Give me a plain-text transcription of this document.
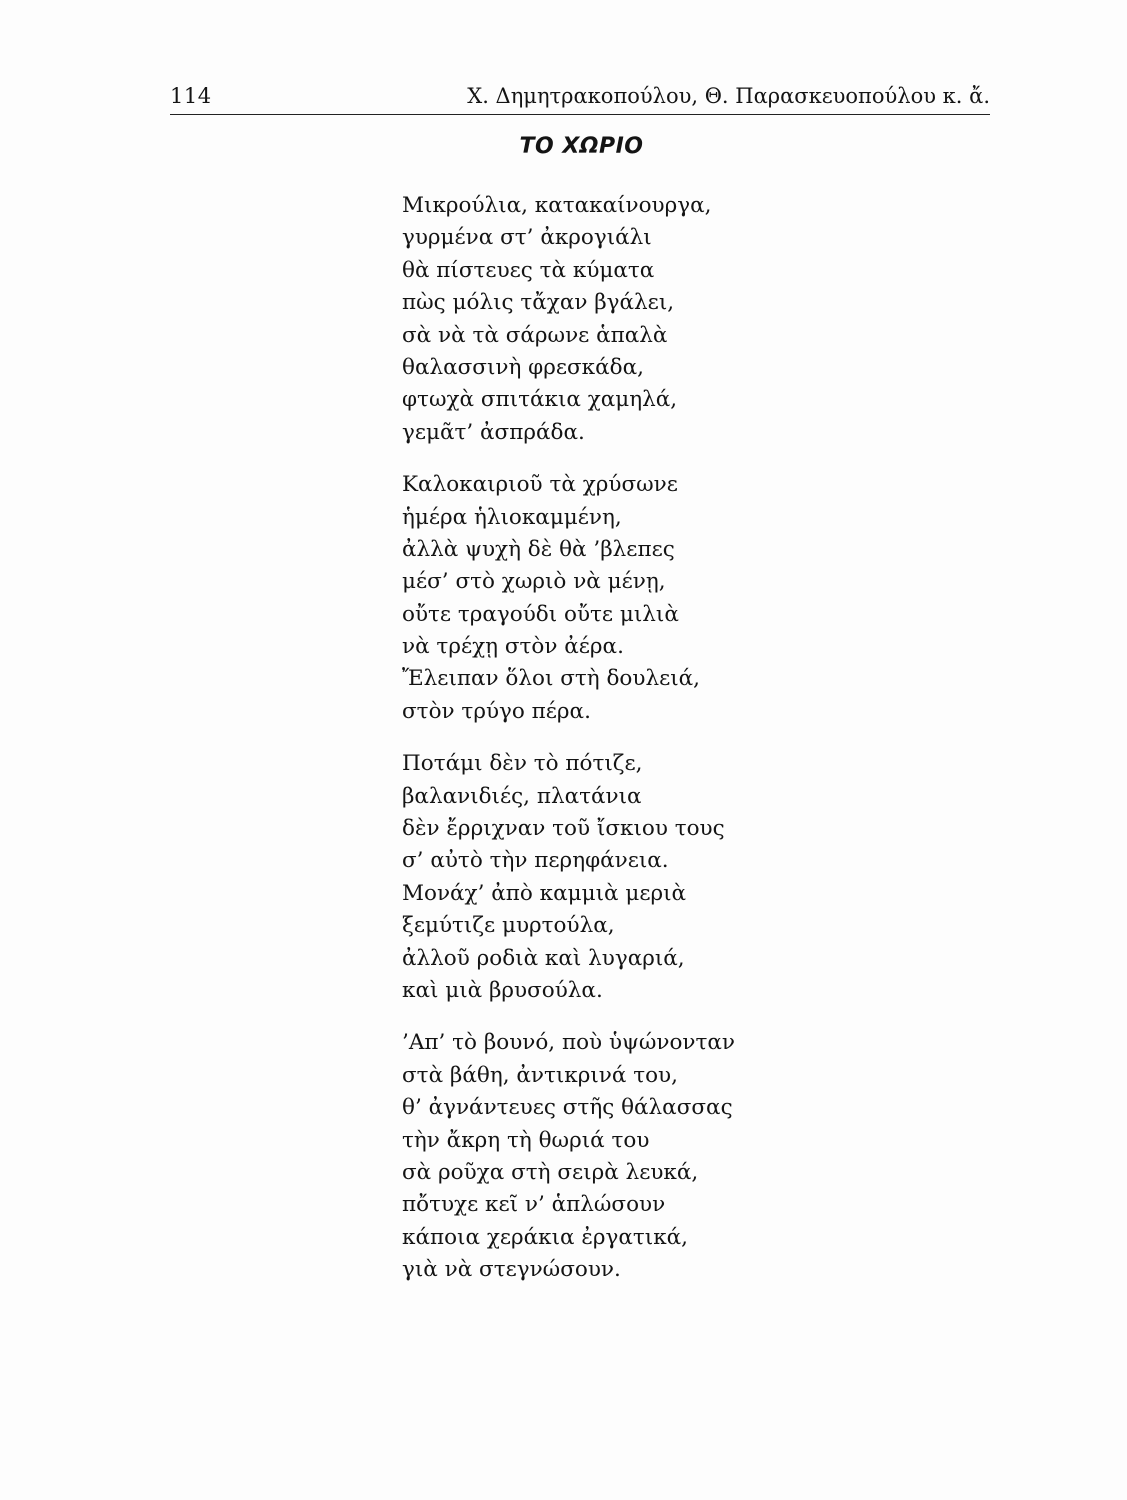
114	Χ. Δημητρακοπούλου, Θ. Παρασκευοπούλου κ. ἄ.
ΤΟ ΧΩΡΙΟ
Μικρούλια, κατακαίνουργα,
γυρμένα στ’ ἀκρογιάλι
θὰ πίστευες τὰ κύματα
πὼς μόλις τἄχαν βγάλει,
σὰ νὰ τὰ σάρωνε ἁπαλὰ
θαλασσινὴ φρεσκάδα,
φτωχὰ σπιτάκια χαμηλά,
γεμᾶτ’ ἀσπράδα.
Καλοκαιριοῦ τὰ χρύσωνε
ἡμέρα ἡλιοκαμμένη,
ἀλλὰ ψυχὴ δὲ θὰ ’βλεπες
μέσ’ στὸ χωριὸ νὰ μένῃ,
οὔτε τραγούδι οὔτε μιλιὰ
νὰ τρέχῃ στὸν ἀέρα.
Ἔλειπαν ὅλοι στὴ δουλειά,
στὸν τρύγο πέρα.
Ποτάμι δὲν τὸ πότιζε,
βαλανιδιές, πλατάνια
δὲν ἔρριχναν τοῦ ἴσκιου τους
σ’ αὐτὸ τὴν περηφάνεια.
Μονάχ’ ἀπὸ καμμιὰ μεριὰ
ξεμύτιζε μυρτούλα,
ἀλλοῦ ροδιὰ καὶ λυγαριά,
καὶ μιὰ βρυσούλα.
’Απ’ τὸ βουνό, ποὺ ὑψώνονταν
στὰ βάθη, ἀντικρινά του,
θ’ ἀγνάντευες στῆς θάλασσας
τὴν ἄκρη τὴ θωριά του
σὰ ροῦχα στὴ σειρὰ λευκά,
πὄτυχε κεῖ ν’ ἁπλώσουν
κάποια χεράκια ἐργατικά,
γιὰ νὰ στεγνώσουν.
